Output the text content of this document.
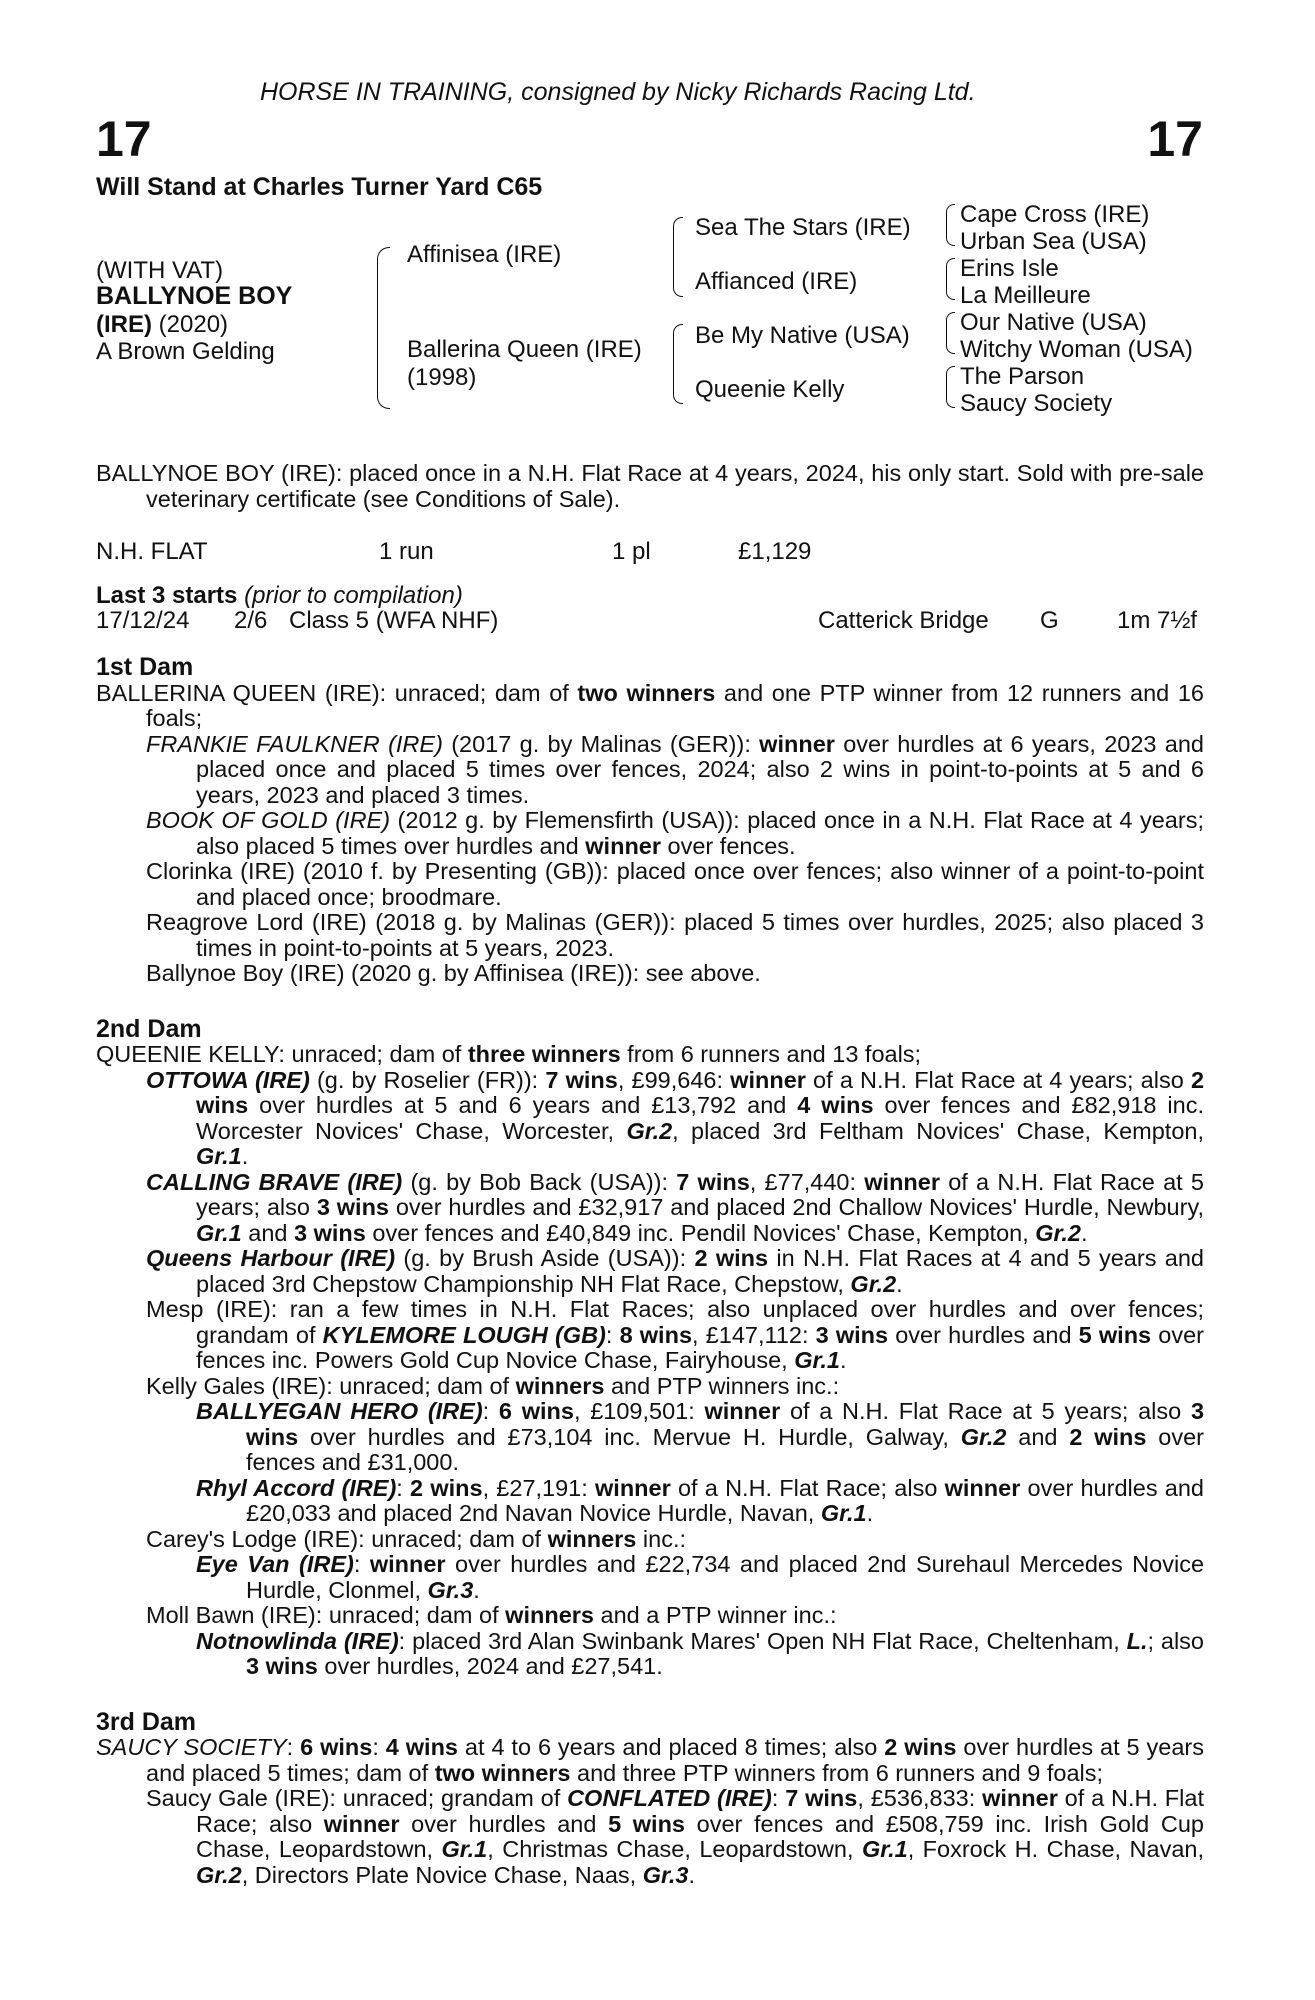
HORSE IN TRAINING, consigned by Nicky Richards Racing Ltd.
17	17
Will Stand at Charles Turner Yard C65
(WITH VAT)
BALLYNOE BOY
(IRE) (2020)
A Brown Gelding
Affinisea (IRE)
Ballerina Queen (IRE)
(1998)
Sea The Stars (IRE)
Affianced (IRE)
Be My Native (USA)
Queenie Kelly
Cape Cross (IRE)
Urban Sea (USA)
Erins Isle
La Meilleure
Our Native (USA)
Witchy Woman (USA)
The Parson
Saucy Society
BALLYNOE BOY (IRE): placed once in a N.H. Flat Race at 4 years, 2024, his only start. Sold with pre-sale veterinary certificate (see Conditions of Sale).
N.H. FLAT	1 run	1 pl	£1,129
Last 3 starts (prior to compilation)
17/12/24 2/6 Class 5 (WFA NHF)	Catterick Bridge G 1m 7½f
1st Dam
BALLERINA QUEEN (IRE): unraced; dam of two winners and one PTP winner from 12 runners and 16 foals;
FRANKIE FAULKNER (IRE) (2017 g. by Malinas (GER)): winner over hurdles at 6 years, 2023 and placed once and placed 5 times over fences, 2024; also 2 wins in point-to-points at 5 and 6 years, 2023 and placed 3 times.
BOOK OF GOLD (IRE) (2012 g. by Flemensfirth (USA)): placed once in a N.H. Flat Race at 4 years; also placed 5 times over hurdles and winner over fences.
Clorinka (IRE) (2010 f. by Presenting (GB)): placed once over fences; also winner of a point-to-point and placed once; broodmare.
Reagrove Lord (IRE) (2018 g. by Malinas (GER)): placed 5 times over hurdles, 2025; also placed 3 times in point-to-points at 5 years, 2023.
Ballynoe Boy (IRE) (2020 g. by Affinisea (IRE)): see above.
2nd Dam
QUEENIE KELLY: unraced; dam of three winners from 6 runners and 13 foals;
OTTOWA (IRE) (g. by Roselier (FR)): 7 wins, £99,646: winner of a N.H. Flat Race at 4 years; also 2 wins over hurdles at 5 and 6 years and £13,792 and 4 wins over fences and £82,918 inc. Worcester Novices' Chase, Worcester, Gr.2, placed 3rd Feltham Novices' Chase, Kempton, Gr.1.
CALLING BRAVE (IRE) (g. by Bob Back (USA)): 7 wins, £77,440: winner of a N.H. Flat Race at 5 years; also 3 wins over hurdles and £32,917 and placed 2nd Challow Novices' Hurdle, Newbury, Gr.1 and 3 wins over fences and £40,849 inc. Pendil Novices' Chase, Kempton, Gr.2.
Queens Harbour (IRE) (g. by Brush Aside (USA)): 2 wins in N.H. Flat Races at 4 and 5 years and placed 3rd Chepstow Championship NH Flat Race, Chepstow, Gr.2.
Mesp (IRE): ran a few times in N.H. Flat Races; also unplaced over hurdles and over fences; grandam of KYLEMORE LOUGH (GB): 8 wins, £147,112: 3 wins over hurdles and 5 wins over fences inc. Powers Gold Cup Novice Chase, Fairyhouse, Gr.1.
Kelly Gales (IRE): unraced; dam of winners and PTP winners inc.:
BALLYEGAN HERO (IRE): 6 wins, £109,501: winner of a N.H. Flat Race at 5 years; also 3 wins over hurdles and £73,104 inc. Mervue H. Hurdle, Galway, Gr.2 and 2 wins over fences and £31,000.
Rhyl Accord (IRE): 2 wins, £27,191: winner of a N.H. Flat Race; also winner over hurdles and £20,033 and placed 2nd Navan Novice Hurdle, Navan, Gr.1.
Carey's Lodge (IRE): unraced; dam of winners inc.:
Eye Van (IRE): winner over hurdles and £22,734 and placed 2nd Surehaul Mercedes Novice Hurdle, Clonmel, Gr.3.
Moll Bawn (IRE): unraced; dam of winners and a PTP winner inc.:
Notnowlinda (IRE): placed 3rd Alan Swinbank Mares' Open NH Flat Race, Cheltenham, L.; also 3 wins over hurdles, 2024 and £27,541.
3rd Dam
SAUCY SOCIETY: 6 wins: 4 wins at 4 to 6 years and placed 8 times; also 2 wins over hurdles at 5 years and placed 5 times; dam of two winners and three PTP winners from 6 runners and 9 foals;
Saucy Gale (IRE): unraced; grandam of CONFLATED (IRE): 7 wins, £536,833: winner of a N.H. Flat Race; also winner over hurdles and 5 wins over fences and £508,759 inc. Irish Gold Cup Chase, Leopardstown, Gr.1, Christmas Chase, Leopardstown, Gr.1, Foxrock H. Chase, Navan, Gr.2, Directors Plate Novice Chase, Naas, Gr.3.
